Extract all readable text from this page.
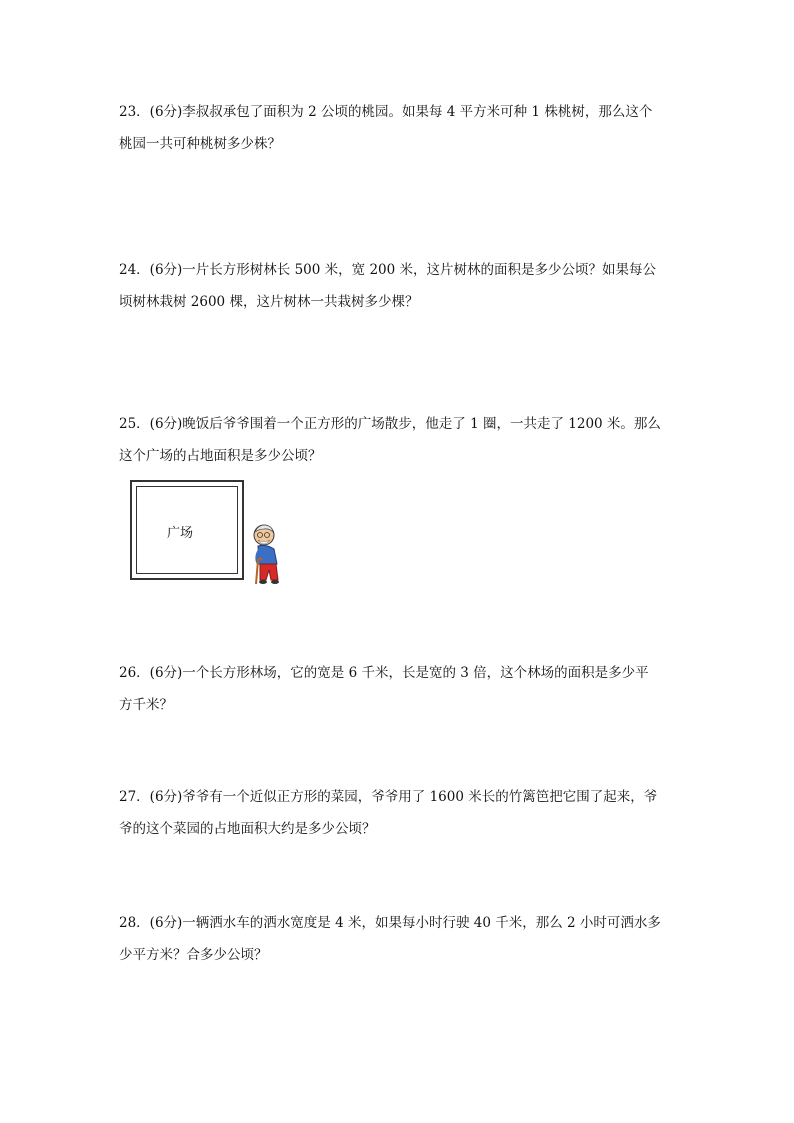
23．(6分)李叔叔承包了面积为 2 公顷的桃园。如果每 4 平方米可种 1 株桃树，那么这个
桃园一共可种桃树多少株？
24．(6分)一片长方形树林长 500 米，宽 200 米，这片树林的面积是多少公顷？如果每公
顷树林栽树 2600 棵，这片树林一共栽树多少棵？
25．(6分)晚饭后爷爷围着一个正方形的广场散步，他走了 1 圈，一共走了 1200 米。那么
这个广场的占地面积是多少公顷？
广场
26．(6分)一个长方形林场，它的宽是 6 千米，长是宽的 3 倍，这个林场的面积是多少平
方千米？
27．(6分)爷爷有一个近似正方形的菜园，爷爷用了 1600 米长的竹篱笆把它围了起来，爷
爷的这个菜园的占地面积大约是多少公顷？
28．(6分)一辆洒水车的洒水宽度是 4 米，如果每小时行驶 40 千米，那么 2 小时可洒水多
少平方米？合多少公顷？
